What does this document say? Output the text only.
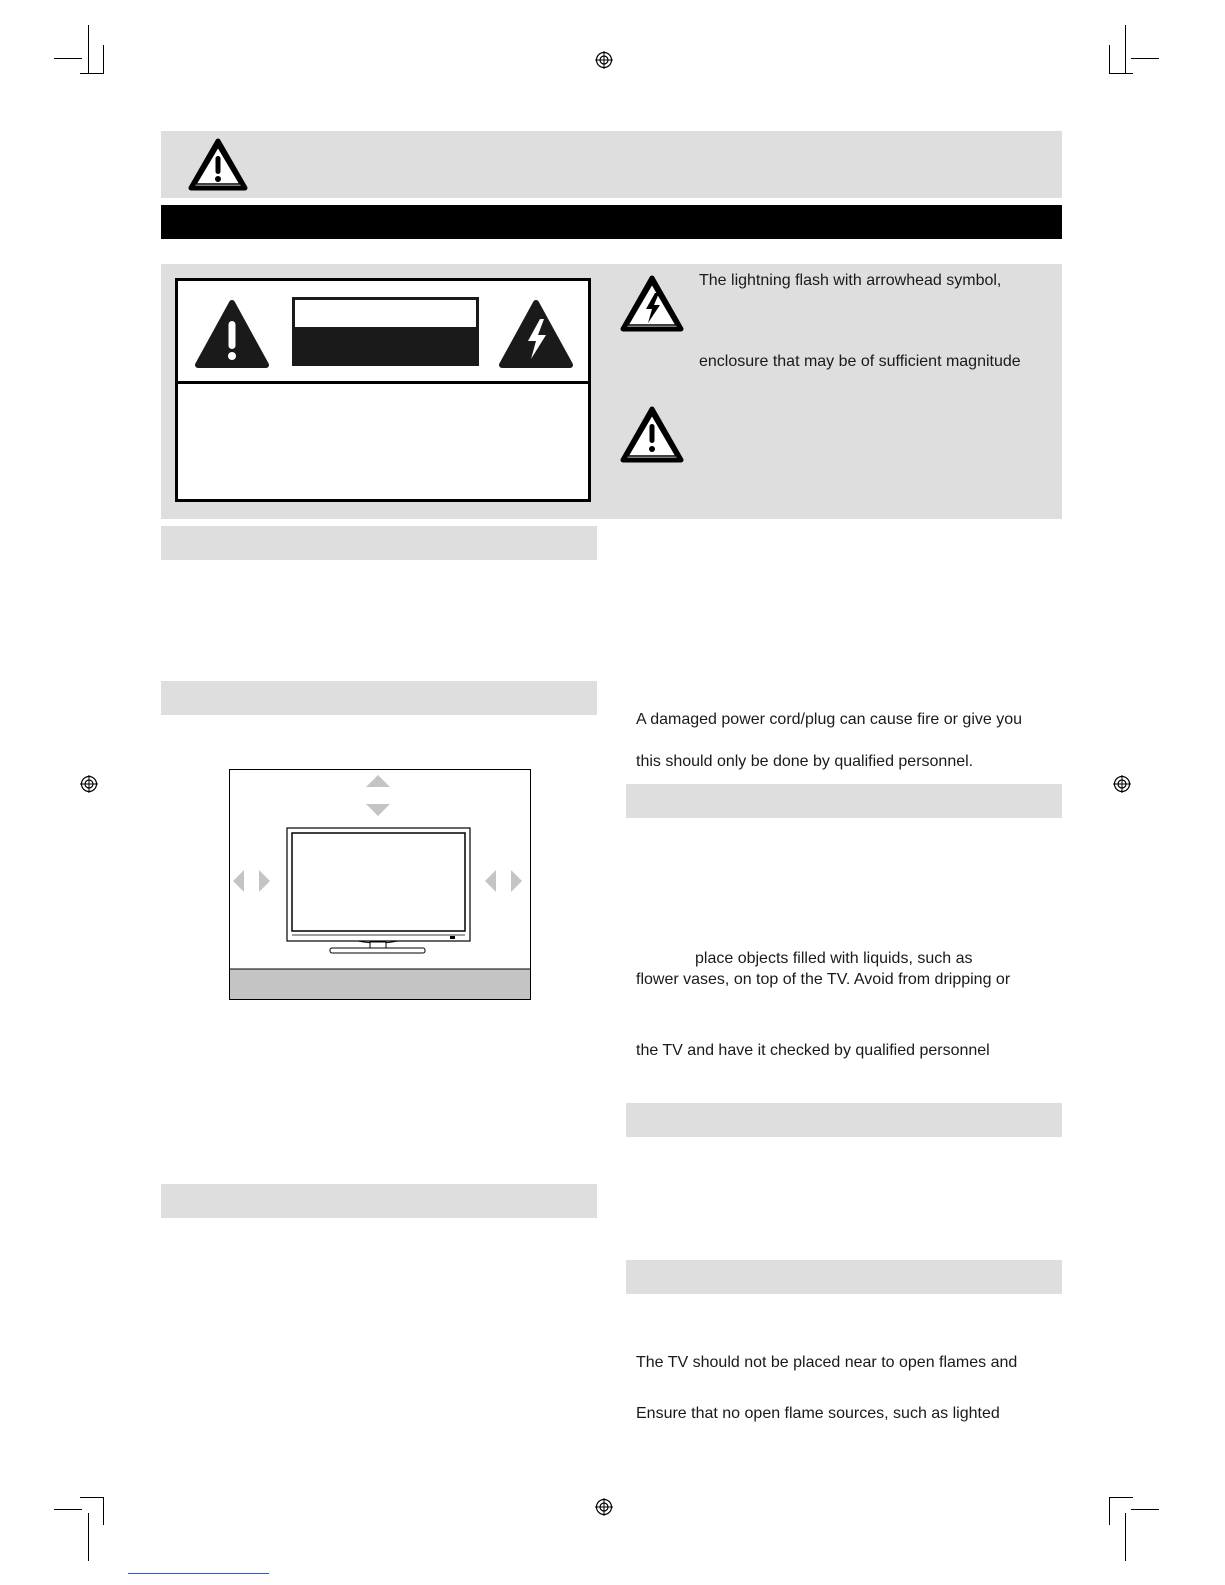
The lightning flash with arrowhead symbol,
enclosure that may be of sufficient magnitude
A damaged power cord/plug can cause fire or give you
this should only be done by qualified personnel.
place objects filled with liquids, such as
flower vases, on top of the TV. Avoid from dripping or
the TV and have it checked by qualified personnel
The TV should not be placed near to open flames and
Ensure that no open flame sources, such as lighted
